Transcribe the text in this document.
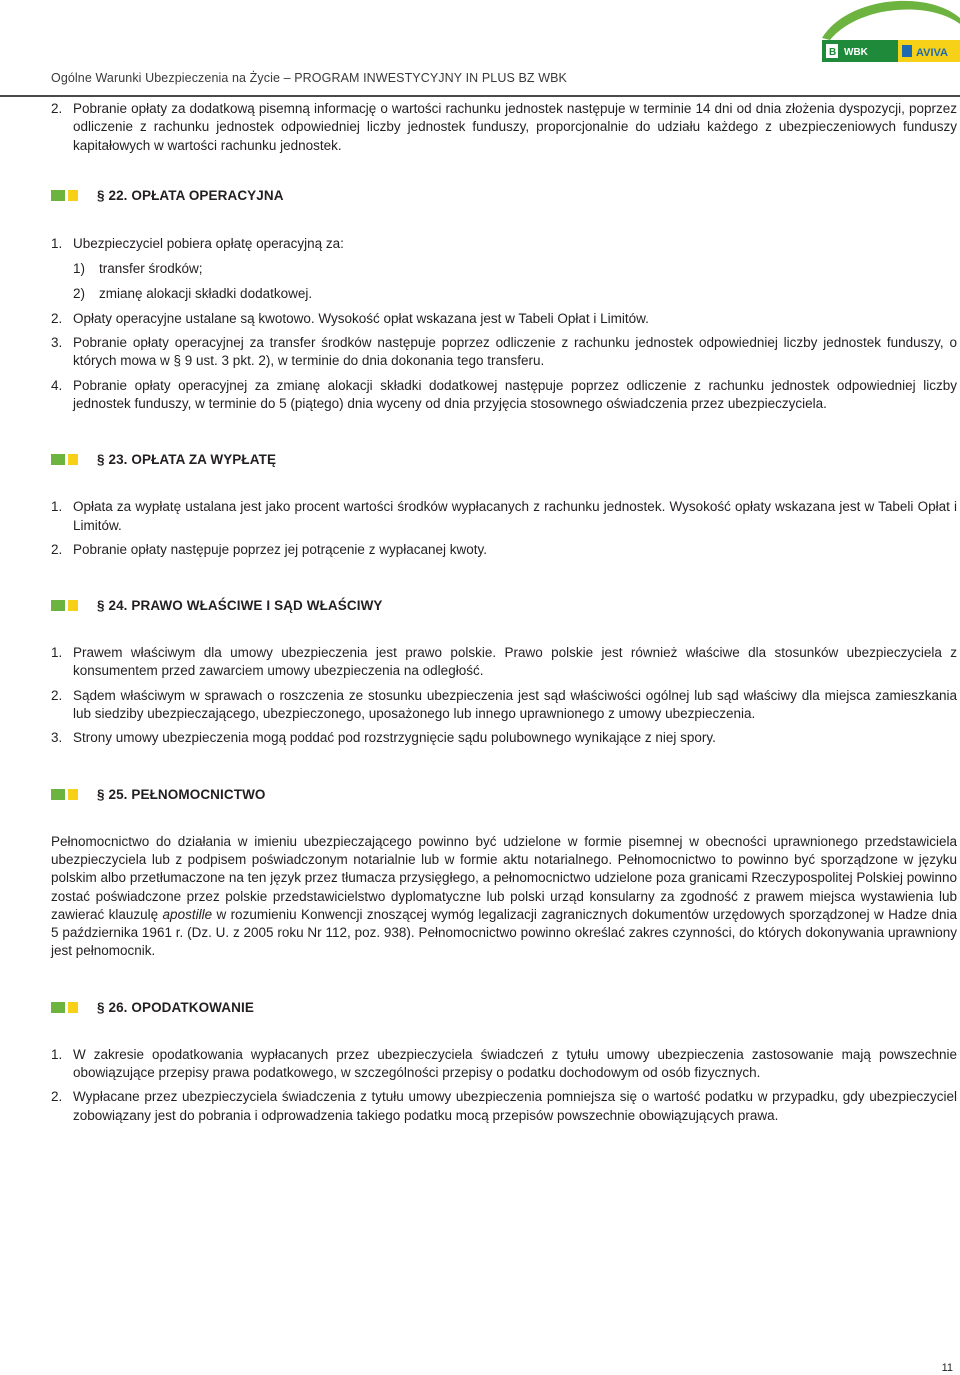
Ogólne Warunki Ubezpieczenia na Życie – PROGRAM INWESTYCYJNY IN PLUS BZ WBK
B WBK	AVIVA
2. Pobranie opłaty za dodatkową pisemną informację o wartości rachunku jednostek następuje w terminie 14 dni od dnia złożenia dyspozycji, poprzez odliczenie z rachunku jednostek odpowiedniej liczby jednostek funduszy, proporcjonalnie do udziału każdego z ubezpieczeniowych funduszy kapitałowych w wartości rachunku jednostek.
§ 22. OPŁATA OPERACYJNA
1. Ubezpieczyciel pobiera opłatę operacyjną za:
1) transfer środków;
2) zmianę alokacji składki dodatkowej.
2. Opłaty operacyjne ustalane są kwotowo. Wysokość opłat wskazana jest w Tabeli Opłat i Limitów.
3. Pobranie opłaty operacyjnej za transfer środków następuje poprzez odliczenie z rachunku jednostek odpowiedniej liczby jednostek funduszy, o których mowa w § 9 ust. 3 pkt. 2), w terminie do dnia dokonania tego transferu.
4. Pobranie opłaty operacyjnej za zmianę alokacji składki dodatkowej następuje poprzez odliczenie z rachunku jednostek odpowiedniej liczby jednostek funduszy, w terminie do 5 (piątego) dnia wyceny od dnia przyjęcia stosownego oświadczenia przez ubezpieczyciela.
§ 23. OPŁATA ZA WYPŁATĘ
1. Opłata za wypłatę ustalana jest jako procent wartości środków wypłacanych z rachunku jednostek. Wysokość opłaty wskazana jest w Tabeli Opłat i Limitów.
2. Pobranie opłaty następuje poprzez jej potrącenie z wypłacanej kwoty.
§ 24. PRAWO WŁAŚCIWE I SĄD WŁAŚCIWY
1. Prawem właściwym dla umowy ubezpieczenia jest prawo polskie. Prawo polskie jest również właściwe dla stosunków ubezpieczyciela z konsumentem przed zawarciem umowy ubezpieczenia na odległość.
2. Sądem właściwym w sprawach o roszczenia ze stosunku ubezpieczenia jest sąd właściwości ogólnej lub sąd właściwy dla miejsca zamieszkania lub siedziby ubezpieczającego, ubezpieczonego, uposażonego lub innego uprawnionego z umowy ubezpieczenia.
3. Strony umowy ubezpieczenia mogą poddać pod rozstrzygnięcie sądu polubownego wynikające z niej spory.
§ 25. PEŁNOMOCNICTWO
Pełnomocnictwo do działania w imieniu ubezpieczającego powinno być udzielone w formie pisemnej w obecności uprawnionego przedstawiciela ubezpieczyciela lub z podpisem poświadczonym notarialnie lub w formie aktu notarialnego. Pełnomocnictwo to powinno być sporządzone w języku polskim albo przetłumaczone na ten język przez tłumacza przysięgłego, a pełnomocnictwo udzielone poza granicami Rzeczypospolitej Polskiej powinno zostać poświadczone przez polskie przedstawicielstwo dyplomatyczne lub polski urząd konsularny za zgodność z prawem miejsca wystawienia lub zawierać klauzulę apostille w rozumieniu Konwencji znoszącej wymóg legalizacji zagranicznych dokumentów urzędowych sporządzonej w Hadze dnia 5 października 1961 r. (Dz. U. z 2005 roku Nr 112, poz. 938). Pełnomocnictwo powinno określać zakres czynności, do których dokonywania uprawniony jest pełnomocnik.
§ 26. OPODATKOWANIE
1. W zakresie opodatkowania wypłacanych przez ubezpieczyciela świadczeń z tytułu umowy ubezpieczenia zastosowanie mają powszechnie obowiązujące przepisy prawa podatkowego, w szczególności przepisy o podatku dochodowym od osób fizycznych.
2. Wypłacane przez ubezpieczyciela świadczenia z tytułu umowy ubezpieczenia pomniejsza się o wartość podatku w przypadku, gdy ubezpieczyciel zobowiązany jest do pobrania i odprowadzenia takiego podatku mocą przepisów powszechnie obowiązujących prawa.
11
